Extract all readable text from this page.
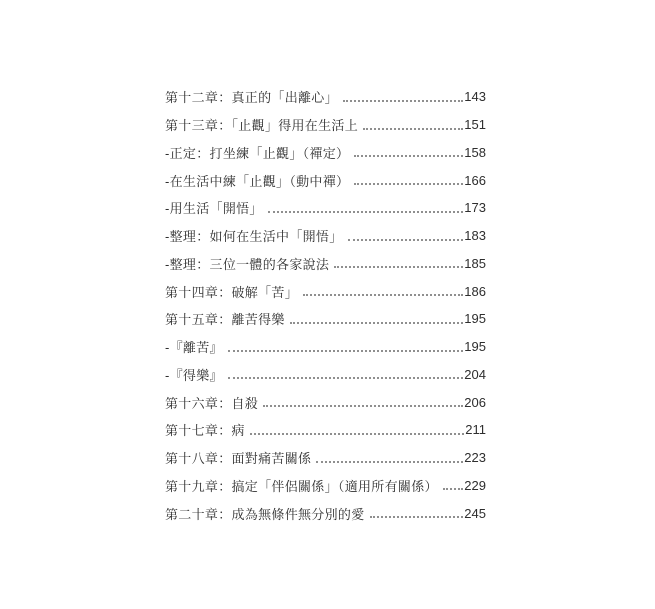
第十二章：真正的「出離心」	143
第十三章：「止觀」得用在生活上	151
-正定：打坐練「止觀」（禪定）	158
-在生活中練「止觀」（動中禪）	166
-用生活「開悟」	173
-整理：如何在生活中「開悟」	183
-整理：三位一體的各家說法	185
第十四章：破解「苦」	186
第十五章：離苦得樂	195
-『離苦』	195
-『得樂』	204
第十六章：自殺	206
第十七章：病	211
第十八章：面對痛苦關係	223
第十九章：搞定「伴侶關係」（適用所有關係） 229
第二十章：成為無條件無分別的愛	245
